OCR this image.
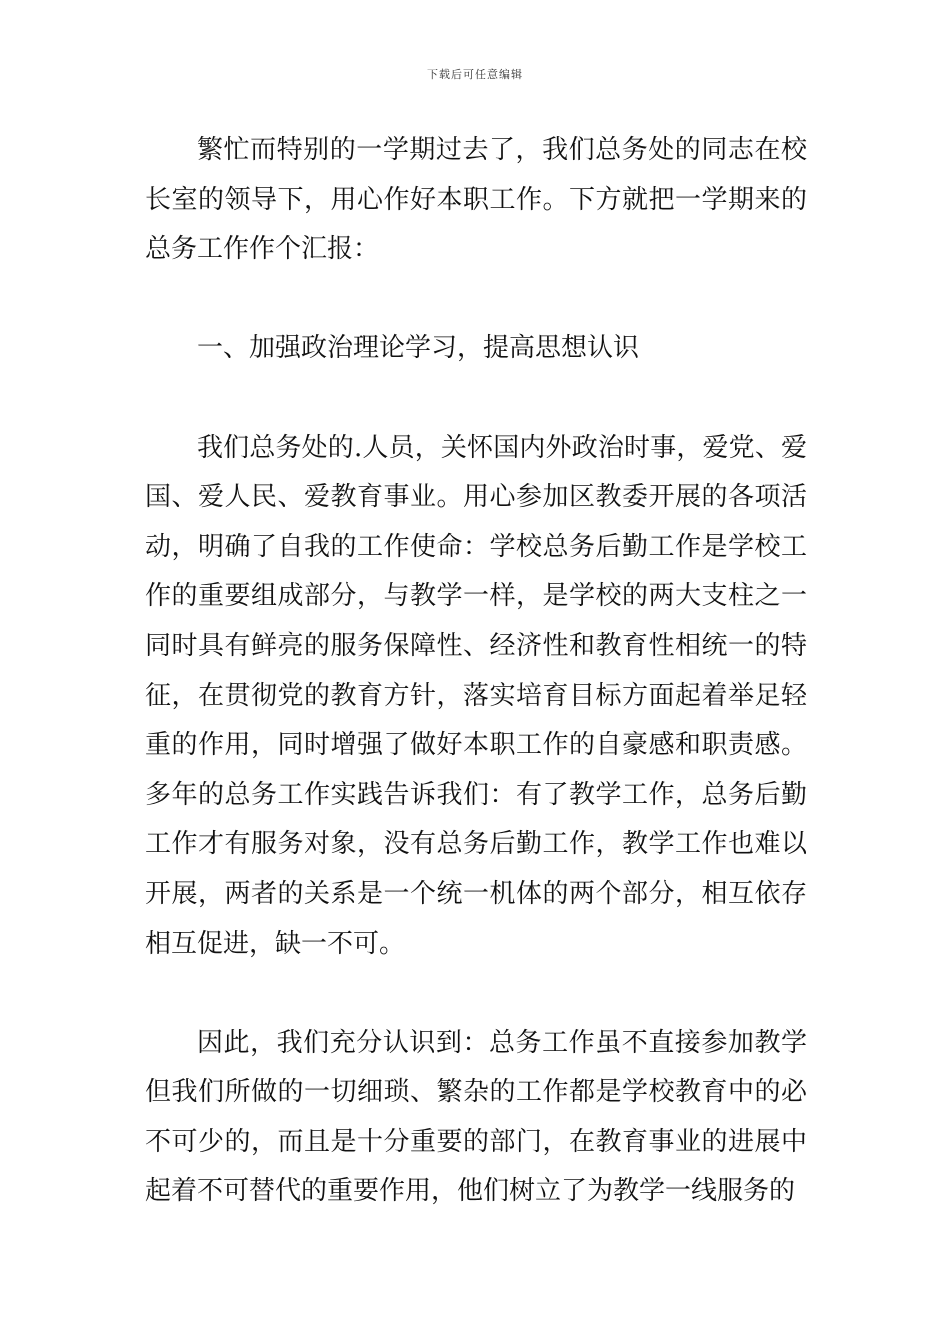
下载后可任意编辑

繁忙而特别的一学期过去了，我们总务处的同志在校长室的领导下，用心作好本职工作。下方就把一学期来的总务工作作个汇报：

一、加强政治理论学习，提高思想认识

我们总务处的.人员，关怀国内外政治时事，爱党、爱国、爱人民、爱教育事业。用心参加区教委开展的各项活动，明确了自我的工作使命：学校总务后勤工作是学校工作的重要组成部分，与教学一样，是学校的两大支柱之一同时具有鲜亮的服务保障性、经济性和教育性相统一的特征，在贯彻党的教育方针，落实培育目标方面起着举足轻重的作用，同时增强了做好本职工作的自豪感和职责感。多年的总务工作实践告诉我们：有了教学工作，总务后勤工作才有服务对象，没有总务后勤工作，教学工作也难以开展，两者的关系是一个统一机体的两个部分，相互依存相互促进，缺一不可。

因此，我们充分认识到：总务工作虽不直接参加教学但我们所做的一切细琐、繁杂的工作都是学校教育中的必不可少的，而且是十分重要的部门，在教育事业的进展中起着不可替代的重要作用，他们树立了为教学一线服务的
